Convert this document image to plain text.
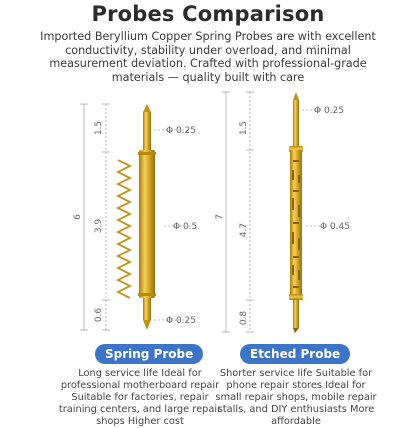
Probes Comparison
Imported Beryllium Copper Spring Probes are with excellent conductivity, stability under overload, and minimal measurement deviation. Crafted with professional-grade materials — quality built with care
6
1.5
3.9
0.6
Φ 0.25
Φ 0.5
Φ 0.25
7
1.5
4.7
0.8
Φ 0.25
Φ 0.45
Spring Probe	Etched Probe
Long service life Ideal for professional motherboard repair Suitable for factories, repair training centers, and large repair shops Higher cost
Shorter service life Suitable for phone repair stores Ideal for small repair shops, mobile repair stalls, and DIY enthusiasts More affordable
